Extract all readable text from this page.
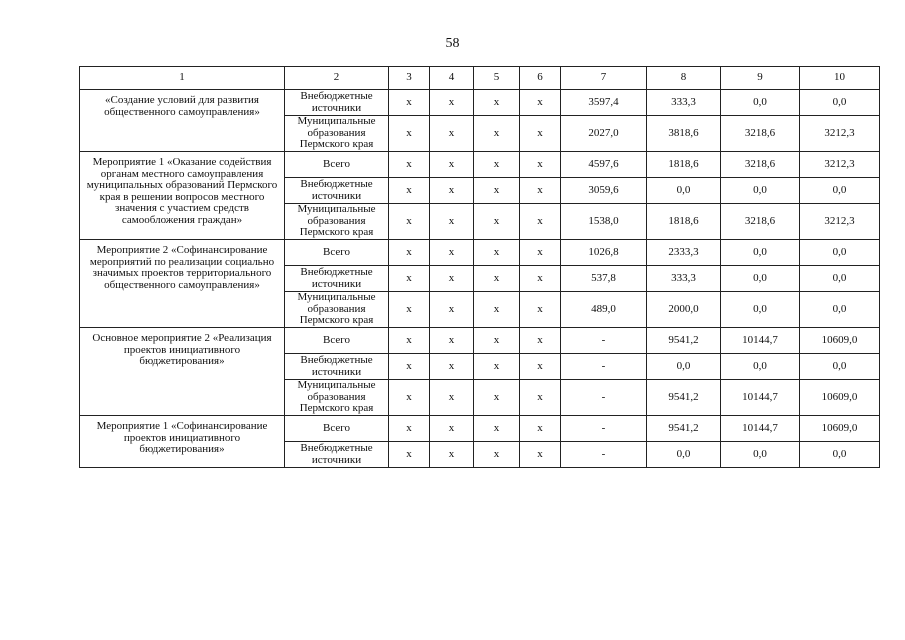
58
1	2	3	4	5	6	7	8	9	10
«Создание условий для развития общественного самоуправления»	Внебюджетные источники	х	х	х	х	3597,4	333,3	0,0	0,0
	Муниципальные образования Пермского края	х	х	х	х	2027,0	3818,6	3218,6	3212,3
Мероприятие 1 «Оказание содействия органам местного самоуправления муниципальных образований Пермского края в решении вопросов местного значения с участием средств самообложения граждан»	Всего	х	х	х	х	4597,6	1818,6	3218,6	3212,3
	Внебюджетные источники	х	х	х	х	3059,6	0,0	0,0	0,0
	Муниципальные образования Пермского края	х	х	х	х	1538,0	1818,6	3218,6	3212,3
Мероприятие 2 «Софинансирование мероприятий по реализации социально значимых проектов территориального общественного самоуправления»	Всего	х	х	х	х	1026,8	2333,3	0,0	0,0
	Внебюджетные источники	х	х	х	х	537,8	333,3	0,0	0,0
	Муниципальные образования Пермского края	х	х	х	х	489,0	2000,0	0,0	0,0
Основное мероприятие 2 «Реализация проектов инициативного бюджетирования»	Всего	х	х	х	х	-	9541,2	10144,7	10609,0
	Внебюджетные источники	х	х	х	х	-	0,0	0,0	0,0
	Муниципальные образования Пермского края	х	х	х	х	-	9541,2	10144,7	10609,0
Мероприятие 1 «Софинансирование проектов инициативного бюджетирования»	Всего	х	х	х	х	-	9541,2	10144,7	10609,0
	Внебюджетные источники	х	х	х	х	-	0,0	0,0	0,0
